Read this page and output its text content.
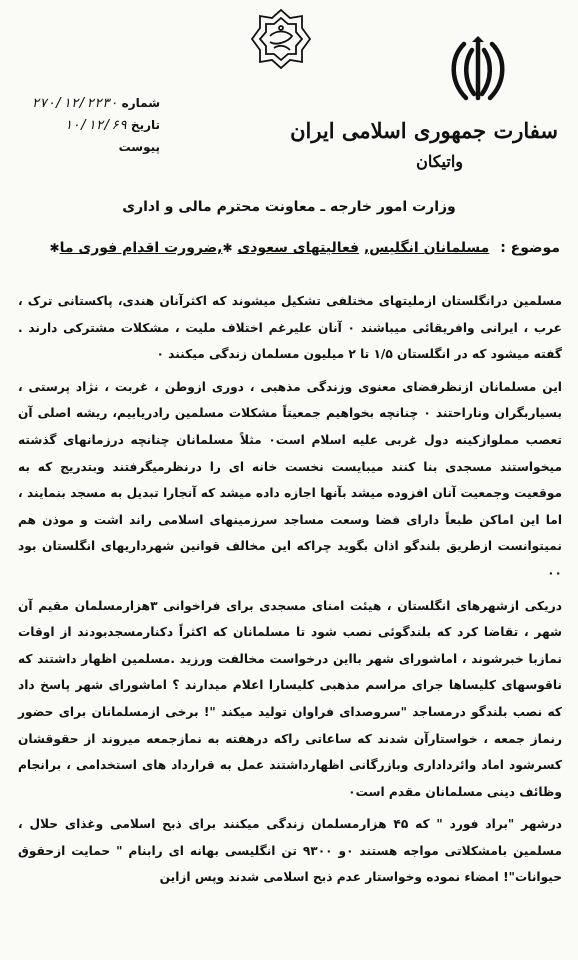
سفارت جمهوری اسلامی ایران
واتیکان
شماره
۲۷۰/۱۲/۲۲۳۰
تاریخ
۱۰/۱۲/۶۹
پیوست
وزارت امور خارجه ـ معاونت محترم مالی و اداری
موضوع : مسلمانان انگلیس, فعالیتهای سعودی ✱,ضرورت اقدام فوری ما✱

مسلمین درانگلستان ازملیتهای مختلفی تشکیل میشوند که اکثرآنان هندی، پاکستانی ترک ، عرب ، ایرانی وافریقائی میباشند ۰ آنان علیرغم اختلاف ملیت ، مشکلات مشترکی دارند . گفته میشود که در انگلستان ۱/۵ تا ۲ میلیون مسلمان زندگی میکنند ۰

این مسلمانان ازنظرفضای معنوی وزندگی مذهبی ، دوری ازوطن ، غربت ، نژاد پرستی ، بسیاربگران وناراحتند ۰ چنانچه بخواهیم جمعیتاً مشکلات مسلمین رادریابیم، ریشه اصلی آن تعصب مملوازکینه دول غربی علیه اسلام است۰ مثلاً مسلمانان چنانچه درزمانهای گذشته میخواستند مسجدی بنا کنند میبایست نخست خانه ای را درنظرمیگرفتند وبتدریج که به موقعیت وجمعیت آنان افزوده میشد بآنها اجازه داده میشد که آنجارا تبدیل به مسجد بنمایند ، اما این اماکن طبعاً دارای فضا وسعت مساجد سرزمینهای اسلامی راند اشت و موذن هم نمیتوانست ازطریق بلندگو اذان بگوید چراکه این مخالف قوانین شهرداریهای انگلستان بود ۰۰

دریکی ازشهرهای انگلستان ، هیئت امنای مسجدی برای فراخوانی ۳هزارمسلمان مقیم آن شهر ، تقاضا کرد که بلندگوئی نصب شود تا مسلمانان که اکثراً دکنارمسجدبودند از اوقات نمازبا خبرشوند ، اماشورای شهر بااین درخواست مخالفت ورزید .مسلمین اظهار داشتند که ناقوسهای کلیساها جرای مراسم مذهبی کلیسارا اعلام میدارند ؟ اماشورای شهر پاسخ داد که نصب بلندگو درمساجد "سروصدای فراوان تولید میکند "! برخی ازمسلمانان برای حضور رنماز جمعه ، خواستارآن شدند که ساعاتی راکه درهفته به نمازجمعه میروند از حقوقشان کسرشود اماد وائرداداری وبازرگانی اظهارداشتند عمل به قرارداد های استخدامی ، برانجام وظائف دینی مسلمانان مقدم است۰

درشهر "براد فورد " که ۴۵ هزارمسلمان زندگی میکنند برای ذبح اسلامی وغذای حلال ، مسلمین بامشکلاتی مواجه هستند ۰و ۹۳۰۰ تن انگلیسی بهانه ای رابنام " حمایت ازحقوق حیوانات"! امضاء نموده وخواستار عدم ذبح اسلامی شدند وپس ازاین
